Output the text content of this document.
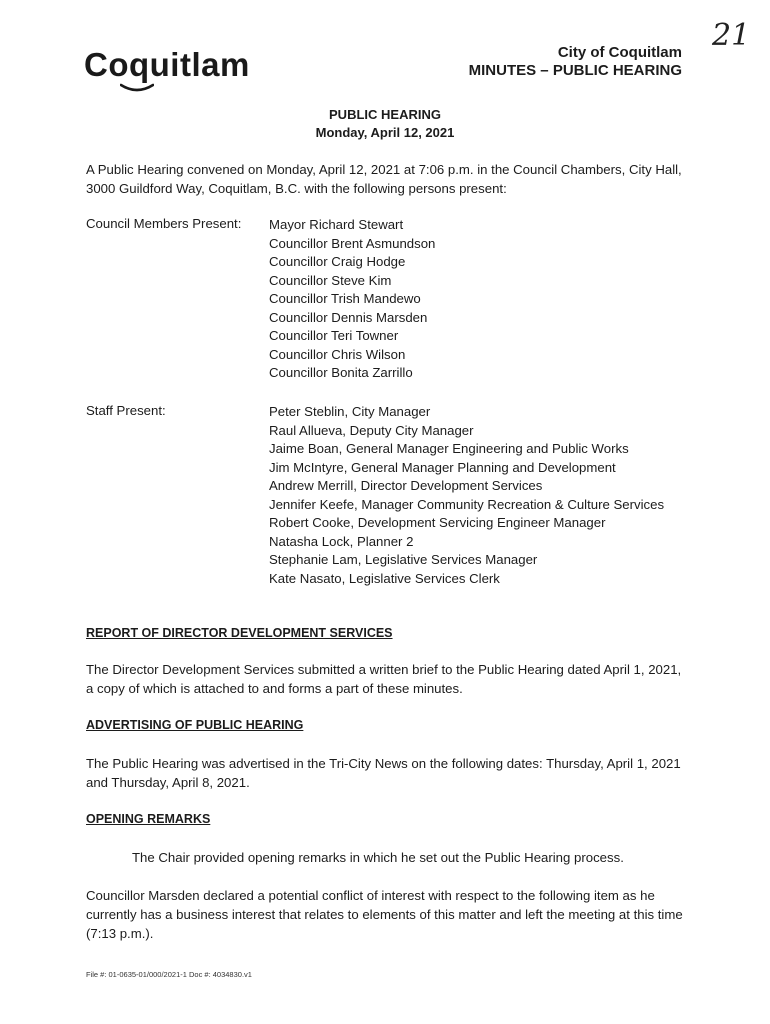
Coquitlam	City of Coquitlam
MINUTES – PUBLIC HEARING
21
PUBLIC HEARING
Monday, April 12, 2021

A Public Hearing convened on Monday, April 12, 2021 at 7:06 p.m. in the Council Chambers, City Hall, 3000 Guildford Way, Coquitlam, B.C. with the following persons present:

Council Members Present: Mayor Richard Stewart
Councillor Brent Asmundson
Councillor Craig Hodge
Councillor Steve Kim
Councillor Trish Mandewo
Councillor Dennis Marsden
Councillor Teri Towner
Councillor Chris Wilson
Councillor Bonita Zarrillo
Staff Present:	Peter Steblin, City Manager
Raul Allueva, Deputy City Manager
Jaime Boan, General Manager Engineering and Public Works
Jim McIntyre, General Manager Planning and Development
Andrew Merrill, Director Development Services
Jennifer Keefe, Manager Community Recreation & Culture Services
Robert Cooke, Development Servicing Engineer Manager
Natasha Lock, Planner 2
Stephanie Lam, Legislative Services Manager
Kate Nasato, Legislative Services Clerk
REPORT OF DIRECTOR DEVELOPMENT SERVICES

The Director Development Services submitted a written brief to the Public Hearing dated April 1, 2021, a copy of which is attached to and forms a part of these minutes.

ADVERTISING OF PUBLIC HEARING

The Public Hearing was advertised in the Tri-City News on the following dates: Thursday, April 1, 2021 and Thursday, April 8, 2021.

OPENING REMARKS

The Chair provided opening remarks in which he set out the Public Hearing process.

Councillor Marsden declared a potential conflict of interest with respect to the following item as he currently has a business interest that relates to elements of this matter and left the meeting at this time (7:13 p.m.).

File #: 01-0635-01/000/2021-1 Doc #: 4034830.v1
